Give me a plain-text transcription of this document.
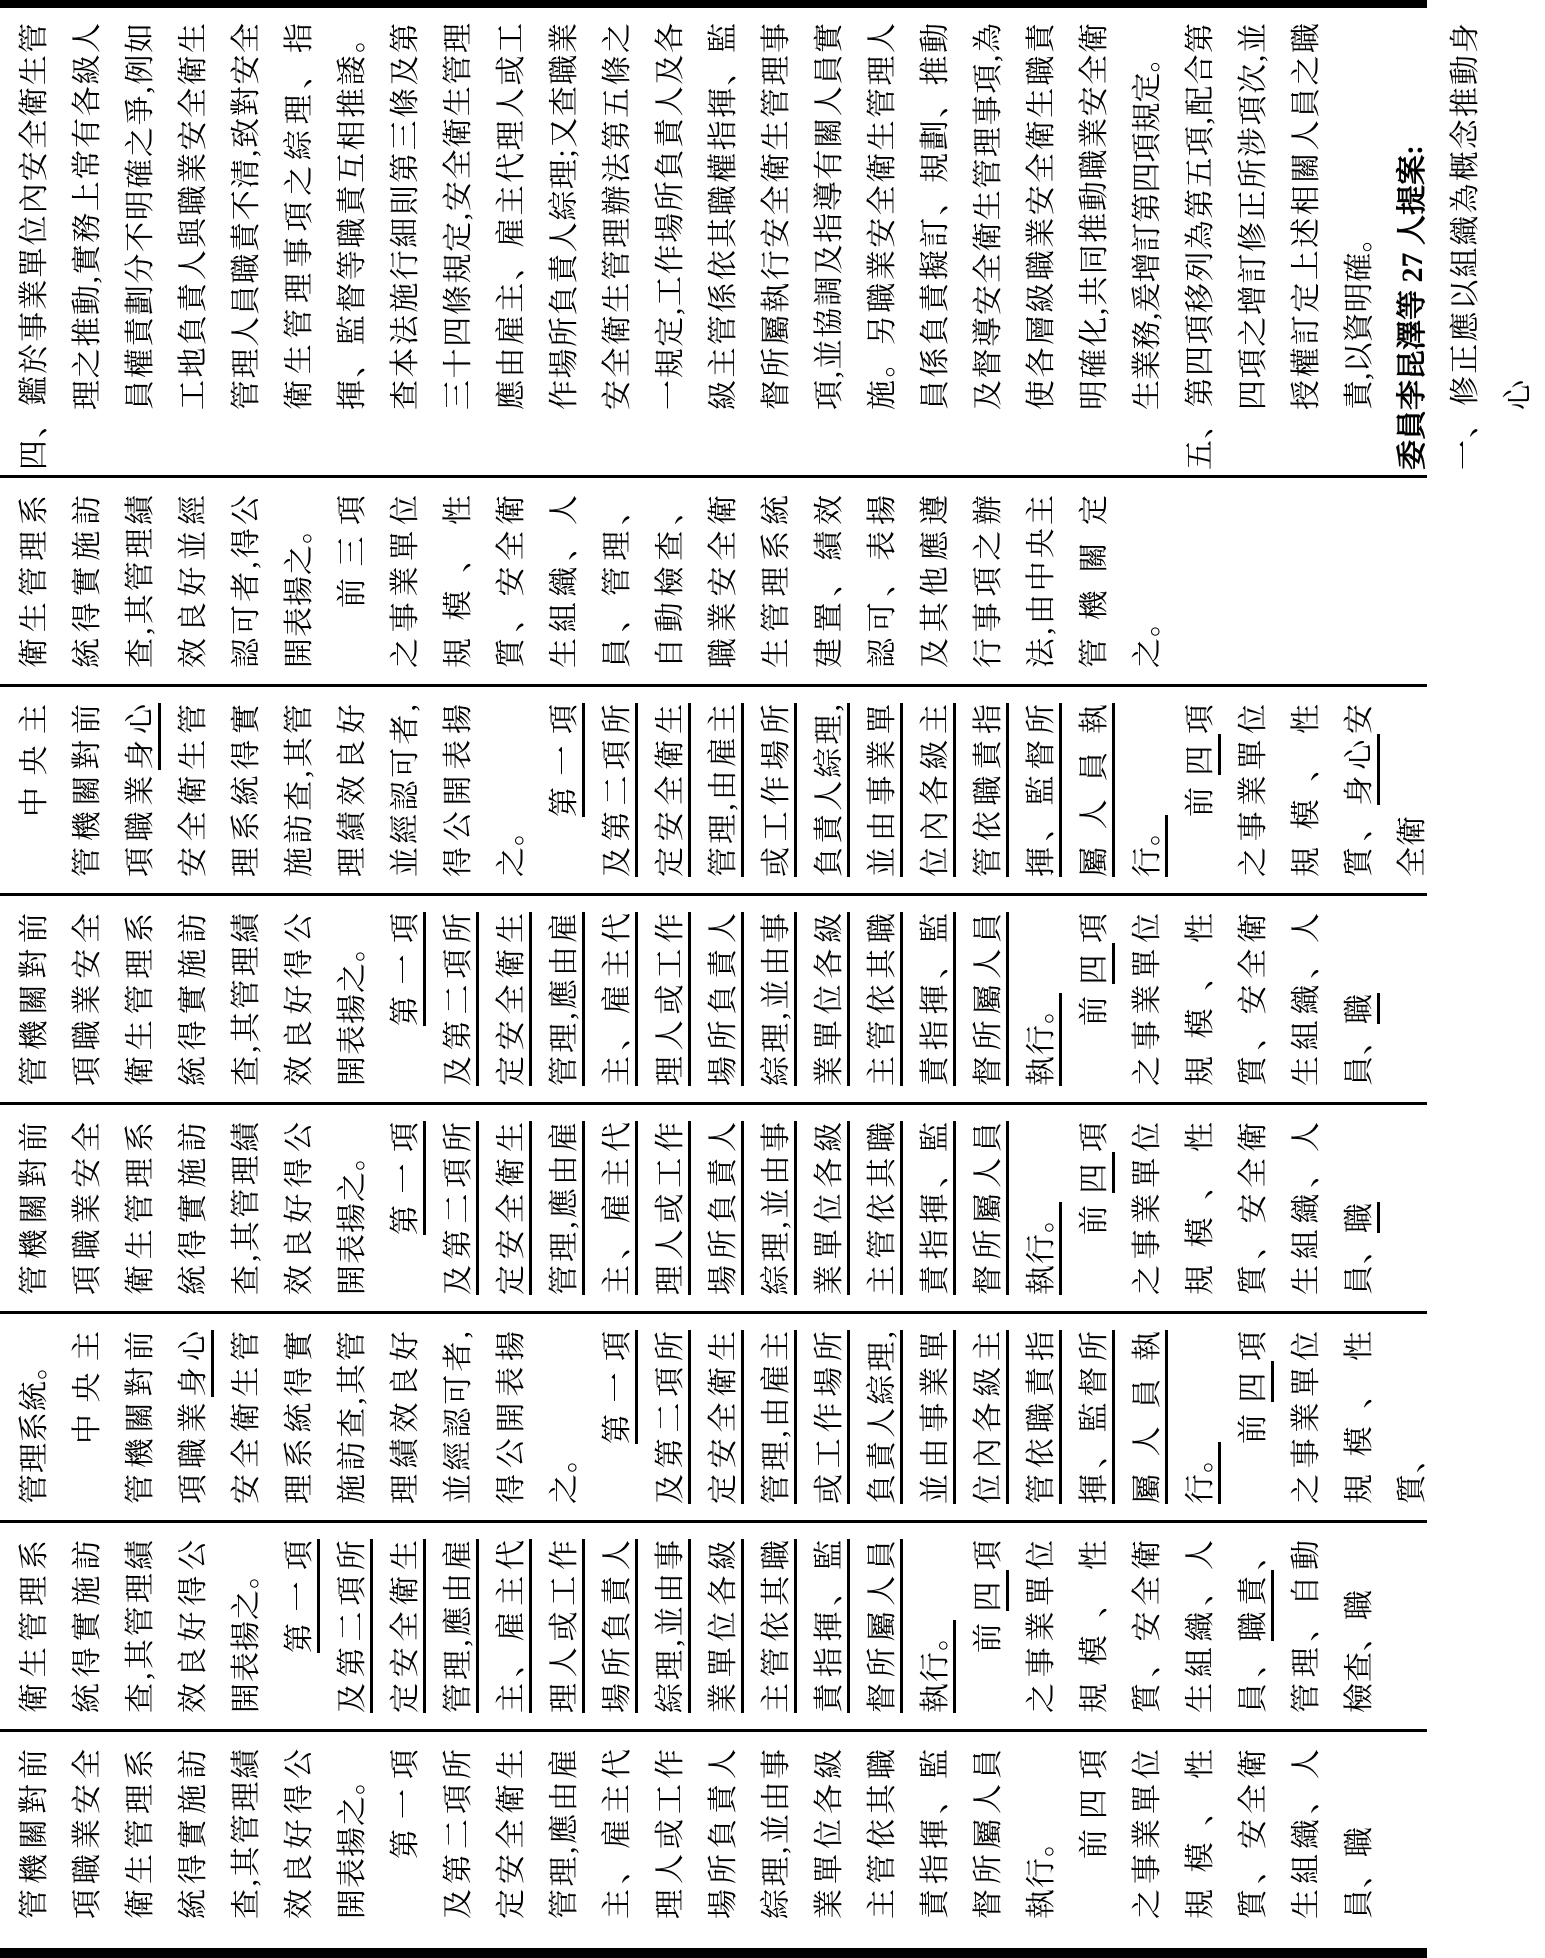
四、鑑於事業單位內安全衛生管理之推動,實務上常有各級人員權責劃分不明確之爭,例如工地負責人與職業安全衛生管理人員職責不清,致對安全衛生管理事項之綜理、指揮、監督等職責互相推諉。查本法施行細則第三條及第三十四條規定,安全衛生管理應由雇主、雇主代理人或工作場所負責人綜理;又查職業安全衛生管理辦法第五條之一規定,工作場所負責人及各級主管係依其職權指揮、監督所屬執行安全衛生管理事項,並協調及指導有關人員實施。另職業安全衛生管理人員係負責擬訂、規劃、推動及督導安全衛生管理事項,為使各層級職業安全衛生職責明確化,共同推動職業安全衛生業務,爰增訂第四項規定。 五、第四項移列為第五項,配合第四項之增訂修正所涉項次,並授權訂定上述相關人員之職責,以資明確。 委員李昆澤等 27 人提案: 一、修正應以組織為概念推動身心

衛生管理系統得實施訪查,其管理績效良好並經認可者,得公開表揚之。 前三項之事業單位規模、性質、安全衛生組織、人員、管理、自動檢查、職業安全衛生管理系統建置、績效認可、表揚及其他應遵行事項之辦法,由中央主管機關定之。

中央主管機關對前項職業身心 安全衛生管理系統得實施訪查,其管理績效良好並經認可者,得公開表揚之。

第一項及第二項所定安全衛生管理,由雇主或工作場所負責人綜理,並由事業單位內各級主管依職責指揮、監督所屬人員執行。

前四項之事業單位規模、性質、身心安全衛

管機關對前項職業安全衛生管理系統得實施訪查,其管理績效良好得公開表揚之。 第一項及第二項所定安全衛生管理,應由雇主、雇主代理人或工作場所負責人綜理,並由事業單位各級主管依其職責指揮、監督所屬人員執行。 前四項之事業單位規模、性質、安全衛生組織、人員、職

管機關對前項職業安全衛生管理系統得實施訪查,其管理績效良好得公開表揚之。 第一項及第二項所定安全衛生管理,應由雇主、雇主代理人或工作場所負責人綜理,並由事業單位各級主管依其職責指揮、監督所屬人員執行。 前四項之事業單位規模、性質、安全衛生組織、人員、職

管理系統。 中央主管機關對前項職業身心 安全衛生管理系統得實施訪查,其管理績效良好並經認可者,得公開表揚之。

第一項及第二項所定安全衛生管理,由雇主或工作場所負責人綜理,並由事業單位內各級主管依職責指揮、監督所屬人員執行。

前四項之事業單位規模、性質、

衛生管理系統得實施訪查,其管理績效良好得公開表揚之。 第一項及第二項所定安全衛生管理,應由雇主、雇主代理人或工作場所負責人綜理,並由事業單位各級主管依其職責指揮、監督所屬人員執行。 前四項之事業單位規模、性質、安全衛生組織、人員、職責、管理、自動檢查、職

管機關對前項職業安全衛生管理系統得實施訪查,其管理績效良好得公開表揚之。 第一項及第二項所定安全衛生管理,應由雇主、雇主代理人或工作場所負責人綜理,並由事業單位各級主管依其職責指揮、監督所屬人員執行。

前四項之事業單位規模、性質、安全衛生組織、人員、職
